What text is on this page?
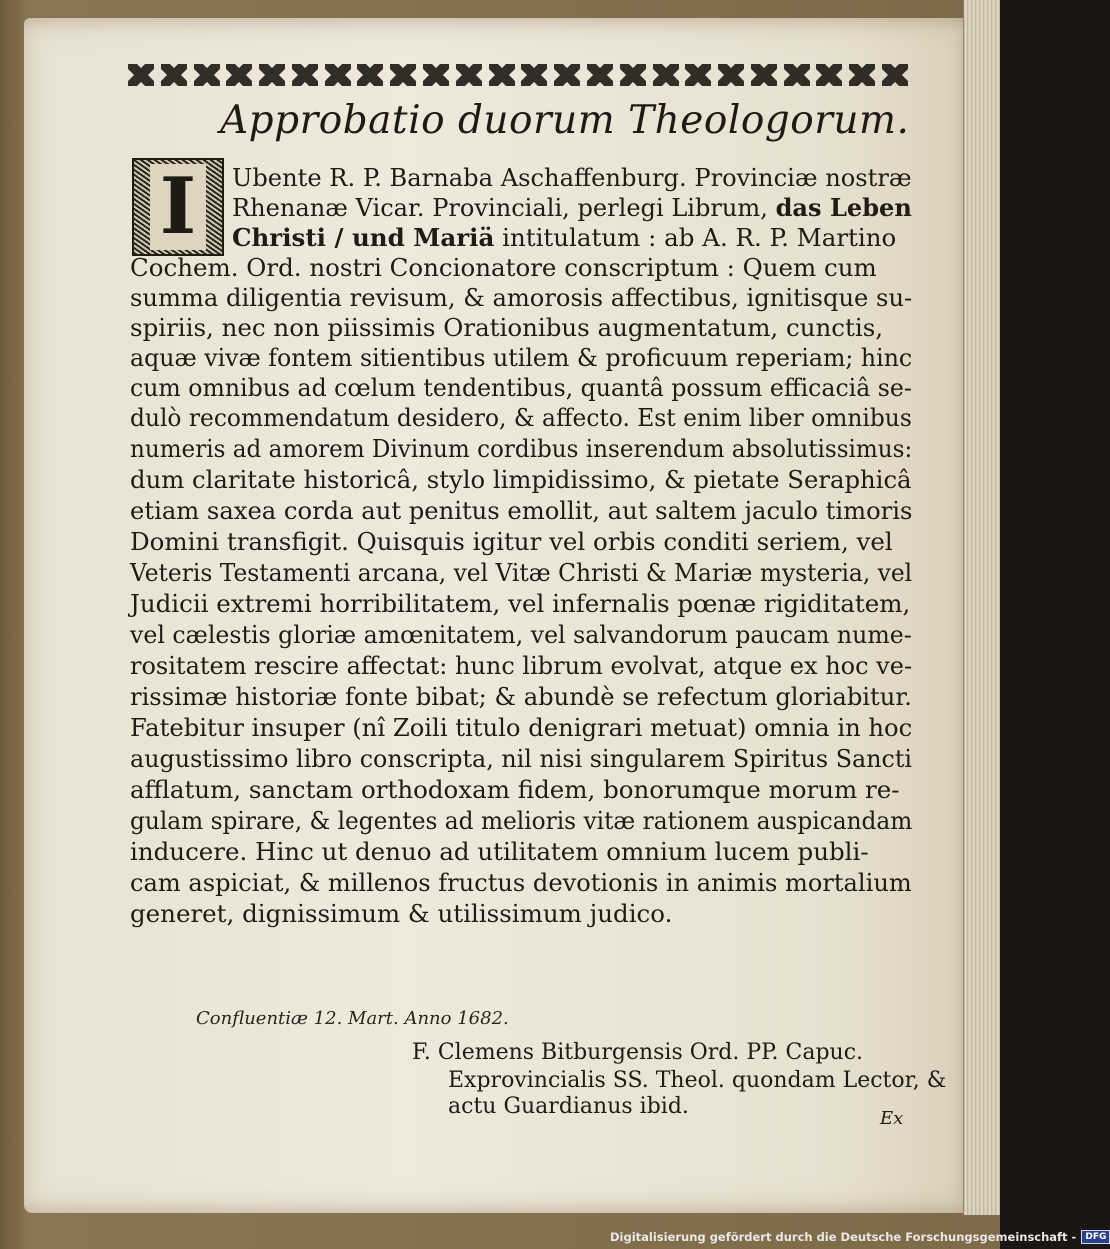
Approbatio duorum Theologorum.
I	Ubente R. P. Barnaba Aschaffenburg. Provinciæ nostræ
Rhenanæ Vicar. Provinciali, perlegi Librum, das Leben
Christi / und Mariä intitulatum : ab A. R. P. Martino
Cochem. Ord. nostri Concionatore conscriptum : Quem cum
summa diligentia revisum, & amorosis affectibus, ignitisque su-
spiriis, nec non piissimis Orationibus augmentatum, cunctis,
aquæ vivæ fontem sitientibus utilem & proficuum reperiam; hinc
cum omnibus ad cœlum tendentibus, quantâ possum efficaciâ se-
dulò recommendatum desidero, & affecto. Est enim liber omnibus
numeris ad amorem Divinum cordibus inserendum absolutissimus:
dum claritate historicâ, stylo limpidissimo, & pietate Seraphicâ
etiam saxea corda aut penitus emollit, aut saltem jaculo timoris
Domini transfigit. Quisquis igitur vel orbis conditi seriem, vel
Veteris Testamenti arcana, vel Vitæ Christi & Mariæ mysteria, vel
Judicii extremi horribilitatem, vel infernalis pœnæ rigiditatem,
vel cælestis gloriæ amœnitatem, vel salvandorum paucam nume-
rositatem rescire affectat: hunc librum evolvat, atque ex hoc ve-
rissimæ historiæ fonte bibat; & abundè se refectum gloriabitur.
Fatebitur insuper (nî Zoili titulo denigrari metuat) omnia in hoc
augustissimo libro conscripta, nil nisi singularem Spiritus Sancti
afflatum, sanctam orthodoxam fidem, bonorumque morum re-
gulam spirare, & legentes ad melioris vitæ rationem auspicandam
inducere. Hinc ut denuo ad utilitatem omnium lucem publi-
cam aspiciat, & millenos fructus devotionis in animis mortalium
generet, dignissimum & utilissimum judico.
Confluentiæ 12. Mart. Anno 1682.
F. Clemens Bitburgensis Ord. PP. Capuc.
Exprovincialis SS. Theol. quondam Lector, &
actu Guardianus ibid.	Ex
Digitalisierung gefördert durch die Deutsche Forschungsgemeinschaft -	DFG
